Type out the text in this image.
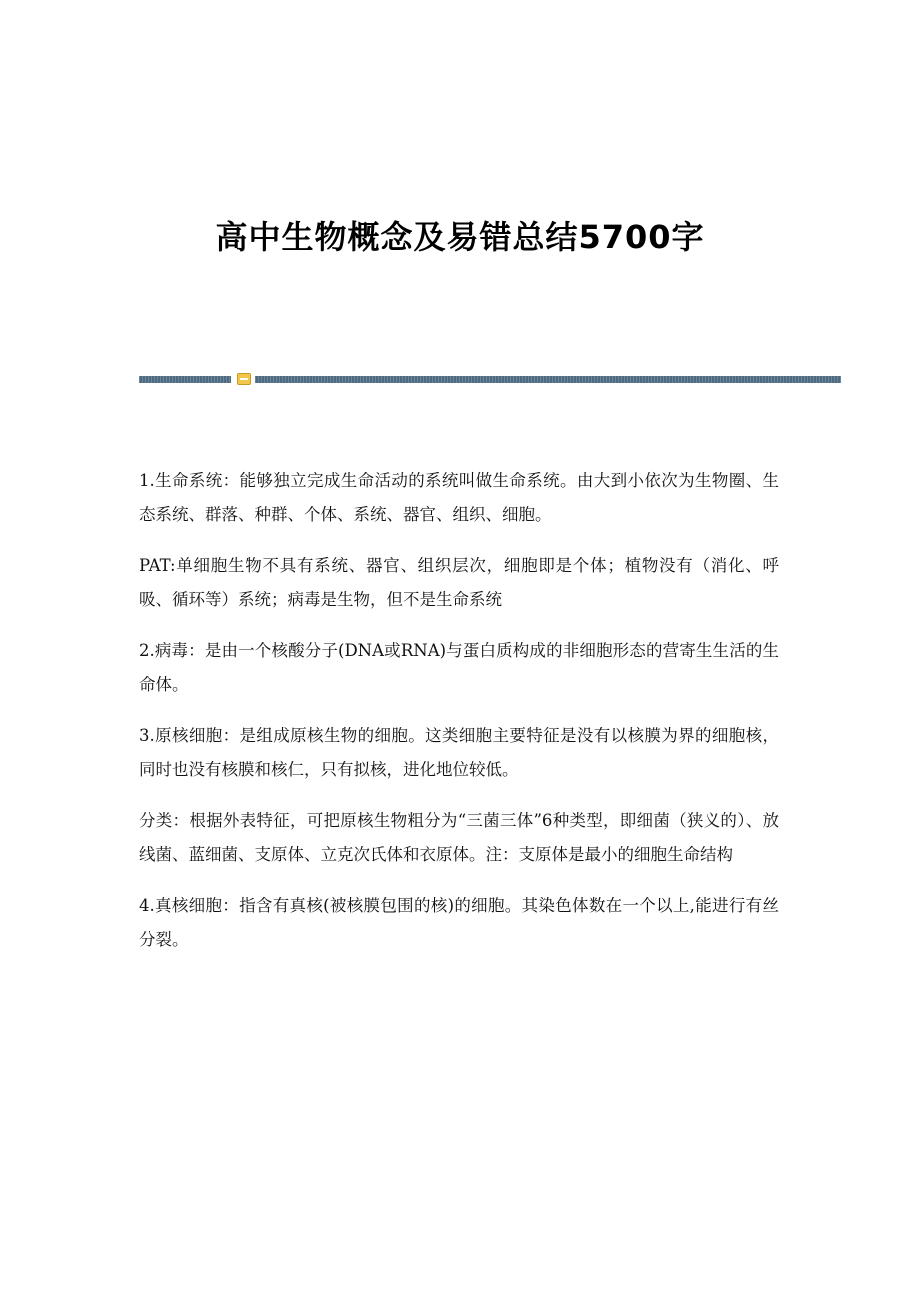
高中生物概念及易错总结5700字

1.生命系统：能够独立完成生命活动的系统叫做生命系统。由大到小依次为生物圈、生态系统、群落、种群、个体、系统、器官、组织、细胞。

PAT:单细胞生物不具有系统、器官、组织层次，细胞即是个体；植物没有（消化、呼吸、循环等）系统；病毒是生物，但不是生命系统

2.病毒：是由一个核酸分子(DNA或RNA)与蛋白质构成的非细胞形态的营寄生生活的生命体。

3.原核细胞：是组成原核生物的细胞。这类细胞主要特征是没有以核膜为界的细胞核，同时也没有核膜和核仁，只有拟核，进化地位较低。

分类：根据外表特征，可把原核生物粗分为“三菌三体”6种类型，即细菌（狭义的）、放线菌、蓝细菌、支原体、立克次氏体和衣原体。注：支原体是最小的细胞生命结构

4.真核细胞：指含有真核(被核膜包围的核)的细胞。其染色体数在一个以上,能进行有丝分裂。
